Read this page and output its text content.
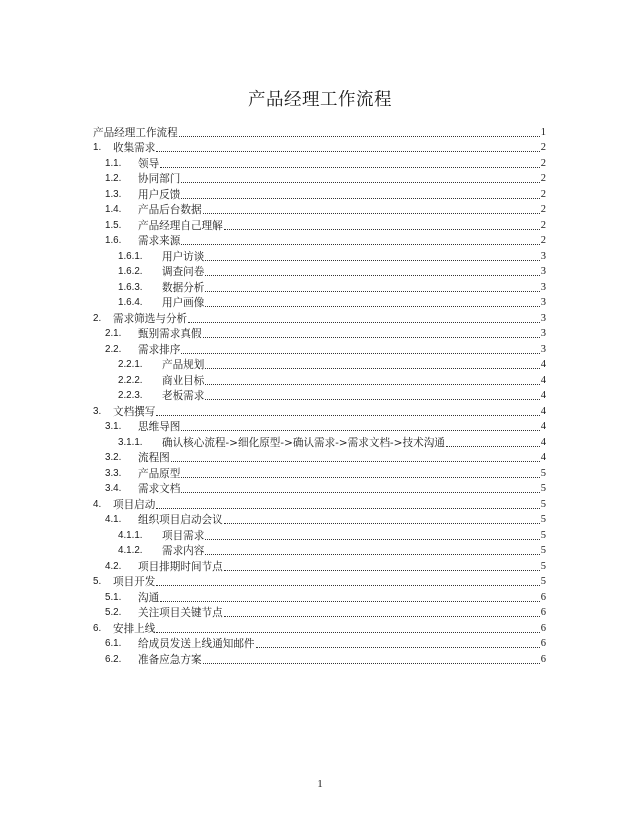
产品经理工作流程
产品经理工作流程	1
1.	收集需求	2
1.1.	领导	2
1.2.	协同部门	2
1.3.	用户反馈	2
1.4.	产品后台数据	2
1.5.	产品经理自己理解	2
1.6.	需求来源	2
1.6.1.	用户访谈	3
1.6.2.	调查问卷	3
1.6.3.	数据分析	3
1.6.4.	用户画像	3
2.	需求筛选与分析	3
2.1.	甄别需求真假	3
2.2.	需求排序	3
2.2.1.	产品规划	4
2.2.2.	商业目标	4
2.2.3.	老板需求	4
3.	文档撰写	4
3.1.	思维导图	4
3.1.1.	确认核心流程->细化原型->确认需求->需求文档->技术沟通	4
3.2.	流程图	4
3.3.	产品原型	5
3.4.	需求文档	5
4.	项目启动	5
4.1.	组织项目启动会议	5
4.1.1.	项目需求	5
4.1.2.	需求内容	5
4.2.	项目排期时间节点	5
5.	项目开发	5
5.1.	沟通	6
5.2.	关注项目关键节点	6
6.	安排上线	6
6.1.	给成员发送上线通知邮件	6
6.2.	准备应急方案	6
1
